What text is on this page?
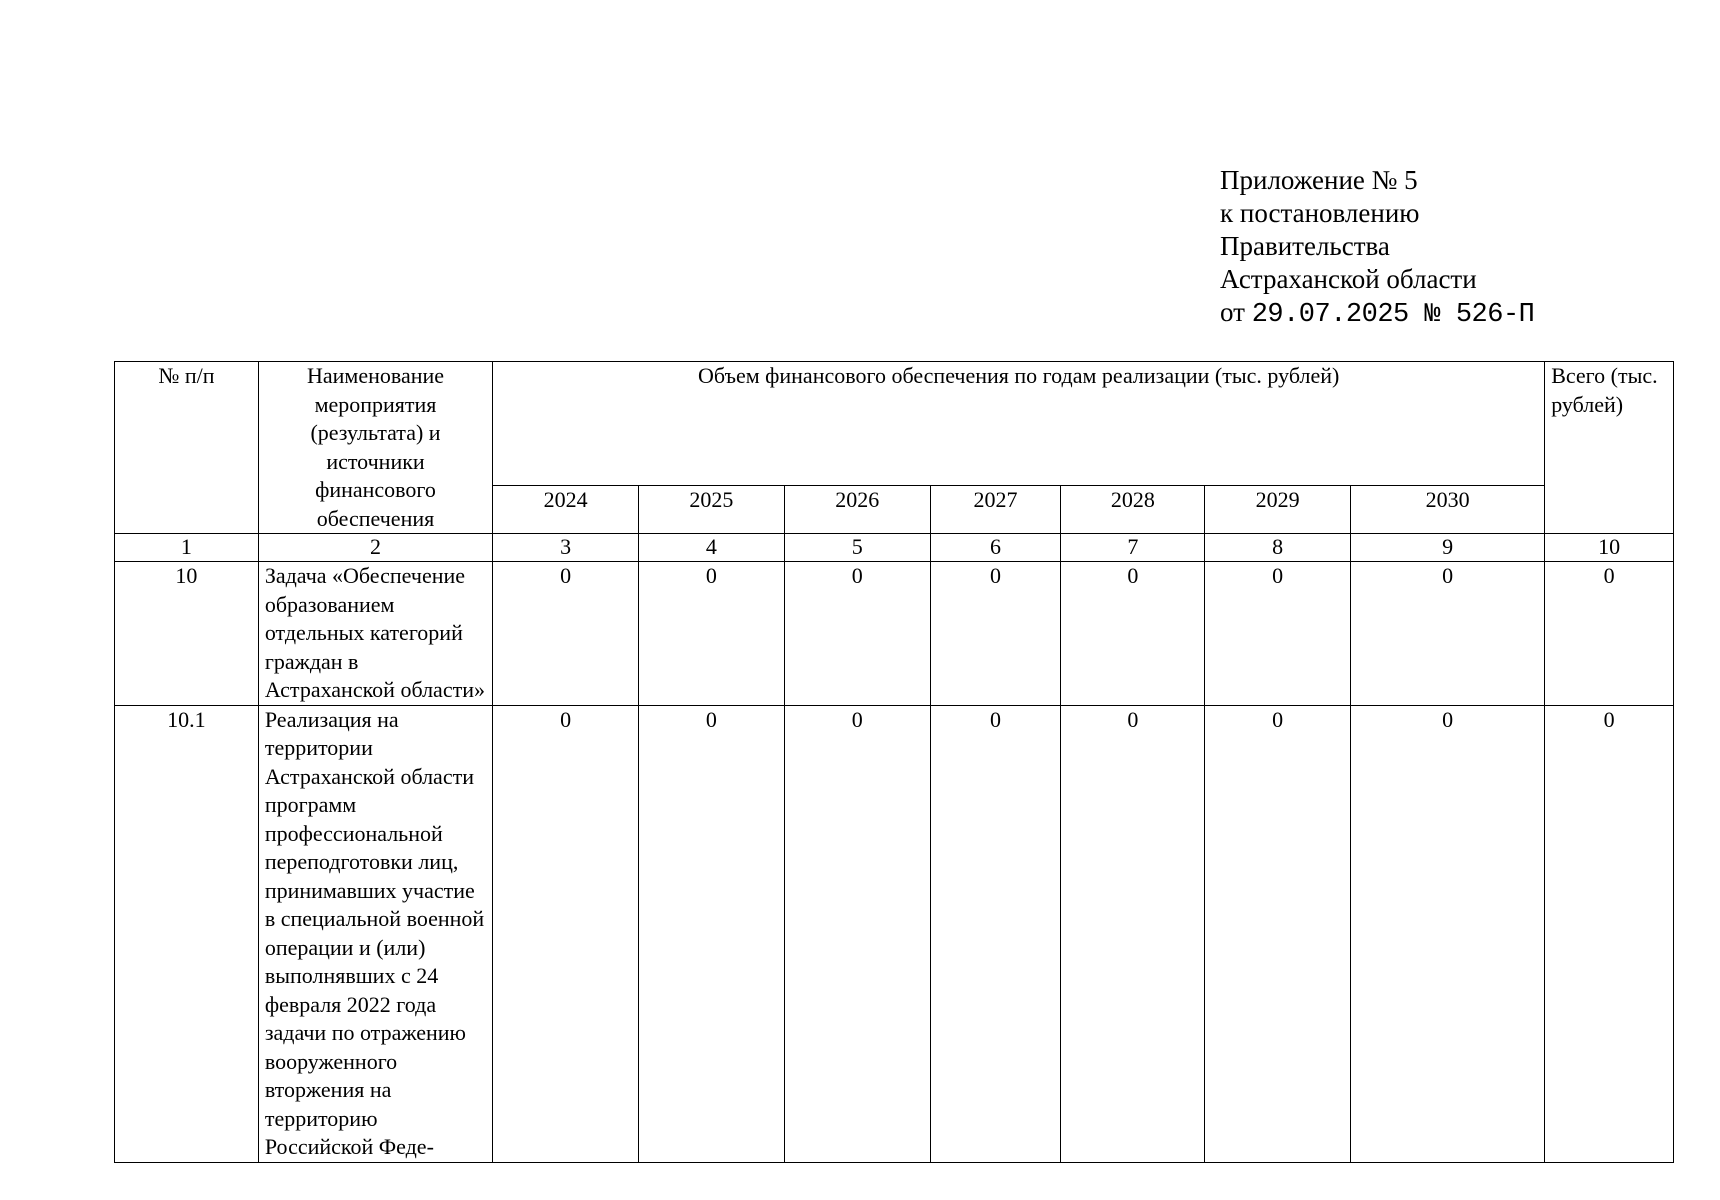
Приложение № 5
к постановлению
Правительства
Астраханской области
от 29.07.2025 № 526-П
№ п/п	Наименование мероприятия (результата) и источники финансового обеспечения	Объем финансового обеспечения по годам реализации (тыс. рублей)							Всего (тыс. рублей)
		2024	2025	2026	2027	2028	2029	2030	
1	2	3	4	5	6	7	8	9	10
10	Задача «Обеспечение образованием отдельных категорий граждан в Астраханской области»	0	0	0	0	0	0	0	0
10.1	Реализация на территории Астраханской области программ профессиональной переподготовки лиц, принимавших участие в специальной военной операции и (или) выполнявших с 24 февраля 2022 года задачи по отражению вооруженного вторжения на территорию Российской Феде-	0	0	0	0	0	0	0	0
